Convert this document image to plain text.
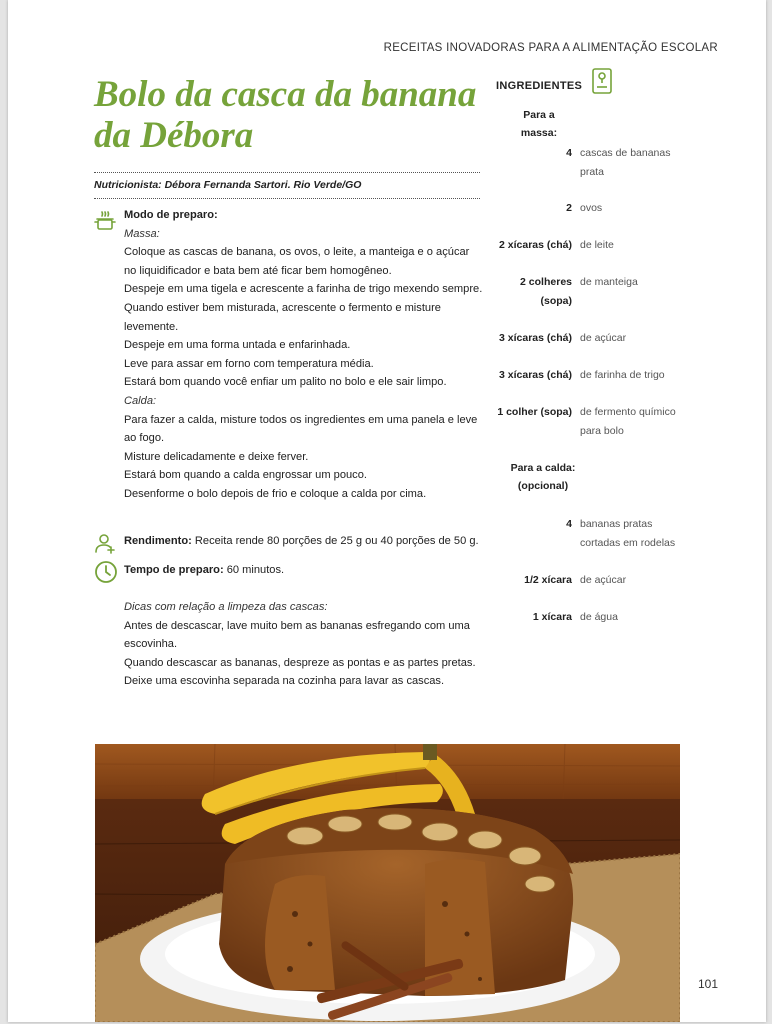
RECEITAS INOVADORAS PARA A ALIMENTAÇÃO ESCOLAR
Bolo da casca da banana da Débora
Nutricionista: Débora Fernanda Sartori. Rio Verde/GO

Modo de preparo:

Massa:

Coloque as cascas de banana, os ovos, o leite, a manteiga e o açúcar no liquidificador e bata bem até ficar bem homogêneo.

Despeje em uma tigela e acrescente a farinha de trigo mexendo sempre.

Quando estiver bem misturada, acrescente o fermento e misture levemente.

Despeje em uma forma untada e enfarinhada.

Leve para assar em forno com temperatura média.

Estará bom quando você enfiar um palito no bolo e ele sair limpo.

Calda:

Para fazer a calda, misture todos os ingredientes em uma panela e leve ao fogo.

Misture delicadamente e deixe ferver.

Estará bom quando a calda engrossar um pouco.

Desenforme o bolo depois de frio e coloque a calda por cima.

Rendimento: Receita rende 80 porções de 25 g ou 40 porções de 50 g.
Tempo de preparo: 60 minutos.

Dicas com relação a limpeza das cascas:

Antes de descascar, lave muito bem as bananas esfregando com uma escovinha.

Quando descascar as bananas, despreze as pontas e as partes pretas.

Deixe uma escovinha separada na cozinha para lavar as cascas.

INGREDIENTES
Para a massa:
4 cascas de bananas prata
2 ovos
2 xícaras (chá) de leite
2 colheres (sopa)
de manteiga
3 xícaras (chá) de açúcar
3 xícaras (chá) de farinha de trigo
1 colher (sopa) de fermento químico para bolo
Para a calda: (opcional)
4 bananas pratas cortadas em rodelas
1/2 xícara de açúcar
1 xícara de água
101
